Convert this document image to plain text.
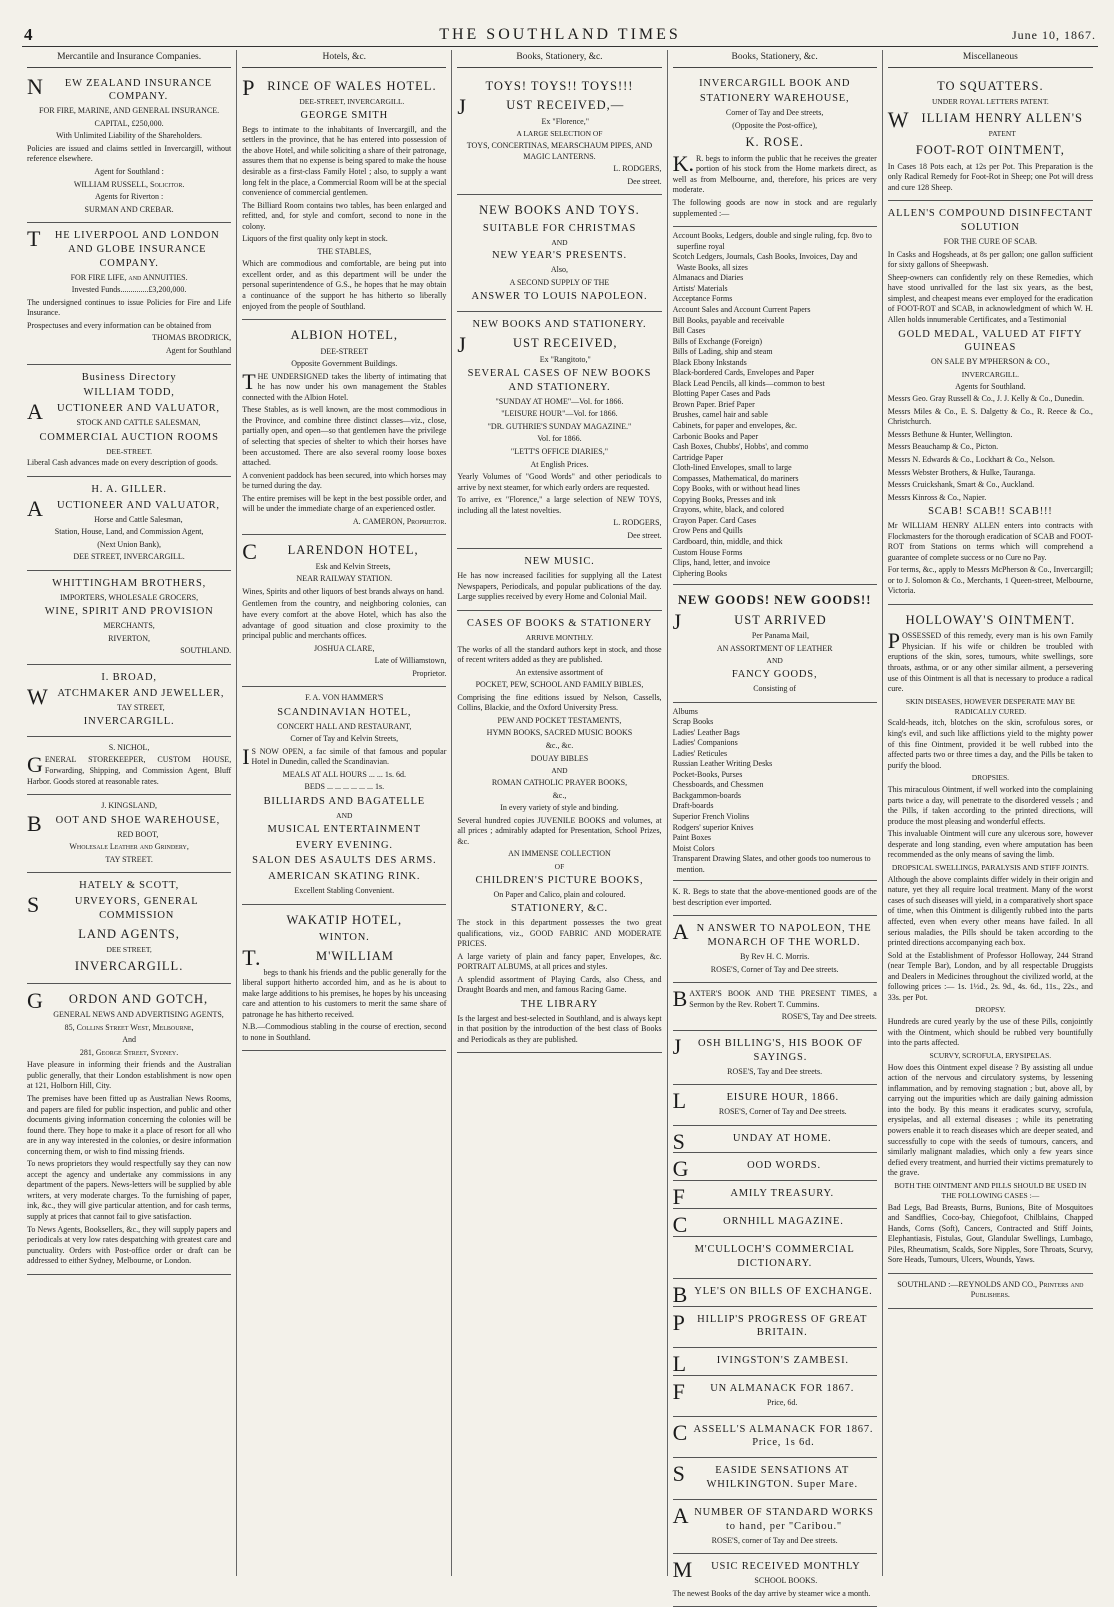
4	THE SOUTHLAND TIMES	June 10, 1867.
Mercantile and Insurance Companies.

NEW ZEALAND INSURANCE COMPANY.

FOR FIRE, MARINE, AND GENERAL INSURANCE.

CAPITAL, £250,000.

With Unlimited Liability of the Shareholders.

Policies are issued and claims settled in Invercargill, without reference elsewhere.

Agent for Southland :

WILLIAM RUSSELL, Solicitor.

Agents for Riverton :

SURMAN AND CREBAR.

THE LIVERPOOL AND LONDON AND GLOBE INSURANCE COMPANY.

FOR FIRE LIFE, and ANNUITIES.

Invested Funds..............£3,200,000.

The undersigned continues to issue Policies for Fire and Life Insurance.

Prospectuses and every information can be obtained from

THOMAS BRODRICK,

Agent for Southland

Business Directory

WILLIAM TODD,

AUCTIONEER AND VALUATOR,

STOCK AND CATTLE SALESMAN,

COMMERCIAL AUCTION ROOMS

DEE-STREET.

Liberal Cash advances made on every description of goods.

H. A. GILLER.

AUCTIONEER AND VALUATOR,

Horse and Cattle Salesman,

Station, House, Land, and Commission Agent,

(Next Union Bank),

DEE STREET, INVERCARGILL.

WHITTINGHAM BROTHERS,

IMPORTERS, WHOLESALE GROCERS,

WINE, SPIRIT AND PROVISION

MERCHANTS,

RIVERTON,

SOUTHLAND.

I. BROAD,

WATCHMAKER AND JEWELLER,

TAY STREET,

INVERCARGILL.

S. NICHOL,

GENERAL STOREKEEPER, CUSTOM HOUSE, Forwarding, Shipping, and Commission Agent, Bluff Harbor. Goods stored at reasonable rates.

J. KINGSLAND,

BOOT AND SHOE WAREHOUSE,

RED BOOT,

Wholesale Leather and Grindery,

TAY STREET.

HATELY & SCOTT,

SURVEYORS, GENERAL COMMISSION

LAND AGENTS,

DEE STREET,

INVERCARGILL.

GORDON AND GOTCH,

GENERAL NEWS AND ADVERTISING AGENTS,

85, Collins Street West, Melbourne,

And

281, George Street, Sydney.

Have pleasure in informing their friends and the Australian public generally, that their London establishment is now open at 121, Holborn Hill, City.

The premises have been fitted up as Australian News Rooms, and papers are filed for public inspection, and public and other documents giving information concerning the colonies will be found there. They hope to make it a place of resort for all who are in any way interested in the colonies, or desire information concerning them, or wish to find missing friends.

To news proprietors they would respectfully say they can now accept the agency and undertake any commissions in any department of the papers. News-letters will be supplied by able writers, at very moderate charges. To the furnishing of paper, ink, &c., they will give particular attention, and for cash terms, supply at prices that cannot fail to give satisfaction.

To News Agents, Booksellers, &c., they will supply papers and periodicals at very low rates despatching with greatest care and punctuality. Orders with Post-office order or draft can be addressed to either Sydney, Melbourne, or London.

Hotels, &c.

PRINCE OF WALES HOTEL.

DEE-STREET, INVERCARGILL.

GEORGE SMITH

Begs to intimate to the inhabitants of Invercargill, and the settlers in the province, that he has entered into possession of the above Hotel, and while soliciting a share of their patronage, assures them that no expense is being spared to make the house desirable as a first-class Family Hotel ; also, to supply a want long felt in the place, a Commercial Room will be at the special convenience of commercial gentlemen.

The Billiard Room contains two tables, has been enlarged and refitted, and, for style and comfort, second to none in the colony.

Liquors of the first quality only kept in stock.

THE STABLES,

Which are commodious and comfortable, are being put into excellent order, and as this department will be under the personal superintendence of G.S., he hopes that he may obtain a continuance of the support he has hitherto so liberally enjoyed from the people of Southland.

ALBION HOTEL,

DEE-STREET

Opposite Government Buildings.

THE UNDERSIGNED takes the liberty of intimating that he has now under his own management the Stables connected with the Albion Hotel.

These Stables, as is well known, are the most commodious in the Province, and combine three distinct classes—viz., close, partially open, and open—so that gentlemen have the privilege of selecting that species of shelter to which their horses have been accustomed. There are also several roomy loose boxes attached.

A convenient paddock has been secured, into which horses may be turned during the day.

The entire premises will be kept in the best possible order, and will be under the immediate charge of an experienced ostler.

A. CAMERON, Proprietor.

CLARENDON HOTEL,

Esk and Kelvin Streets,

NEAR RAILWAY STATION.

Wines, Spirits and other liquors of best brands always on hand.

Gentlemen from the country, and neighboring colonies, can have every comfort at the above Hotel, which has also the advantage of good situation and close proximity to the principal public and merchants offices.

JOSHUA CLARE,

Late of Williamstown,

Proprietor.

F. A. VON HAMMER'S

SCANDINAVIAN HOTEL,

CONCERT HALL AND RESTAURANT,

Corner of Tay and Kelvin Streets,

IS NOW OPEN, a fac simile of that famous and popular Hotel in Dunedin, called the Scandinavian.

MEALS AT ALL HOURS ... ... 1s. 6d.

BEDS ... ... ... ... ... ... 1s.

BILLIARDS AND BAGATELLE

AND

MUSICAL ENTERTAINMENT

EVERY EVENING.

SALON DES ASAULTS DES ARMS.

AMERICAN SKATING RINK.

Excellent Stabling Convenient.

WAKATIP HOTEL,

WINTON.

T.M'WILLIAM

begs to thank his friends and the public generally for the liberal support hitherto accorded him, and as he is about to make large additions to his premises, he hopes by his unceasing care and attention to his customers to merit the same share of patronage he has hitherto received.

N.B.—Commodious stabling in the course of erection, second to none in Southland.

Books, Stationery, &c.

TOYS! TOYS!! TOYS!!!

JUST RECEIVED,—

Ex "Florence,"

A LARGE SELECTION OF

TOYS, CONCERTINAS, MEARSCHAUM PIPES, AND MAGIC LANTERNS.

L. RODGERS,

Dee street.

NEW BOOKS AND TOYS.

SUITABLE FOR CHRISTMAS

AND

NEW YEAR'S PRESENTS.

Also,

A SECOND SUPPLY OF THE

ANSWER TO LOUIS NAPOLEON.

NEW BOOKS AND STATIONERY.

JUST RECEIVED,

Ex "Rangitoto,"

SEVERAL CASES OF NEW BOOKS AND STATIONERY.

"SUNDAY AT HOME"—Vol. for 1866.

"LEISURE HOUR"—Vol. for 1866.

"DR. GUTHRIE'S SUNDAY MAGAZINE."

Vol. for 1866.

"LETT'S OFFICE DIARIES,"

At English Prices.

Yearly Volumes of "Good Words" and other periodicals to arrive by next steamer, for which early orders are requested.

To arrive, ex "Florence," a large selection of NEW TOYS, including all the latest novelties.

L. RODGERS,

Dee street.

NEW MUSIC.

He has now increased facilities for supplying all the Latest Newspapers, Periodicals, and popular publications of the day. Large supplies received by every Home and Colonial Mail.

CASES OF BOOKS & STATIONERY

ARRIVE MONTHLY.

The works of all the standard authors kept in stock, and those of recent writers added as they are published.

An extensive assortment of

POCKET, PEW, SCHOOL AND FAMILY BIBLES,

Comprising the fine editions issued by Nelson, Cassells, Collins, Blackie, and the Oxford University Press.

PEW AND POCKET TESTAMENTS,

HYMN BOOKS, SACRED MUSIC BOOKS

&c., &c.

DOUAY BIBLES

AND

ROMAN CATHOLIC PRAYER BOOKS,

&c.,

In every variety of style and binding.

Several hundred copies JUVENILE BOOKS and volumes, at all prices ; admirably adapted for Presentation, School Prizes, &c.

AN IMMENSE COLLECTION

OF

CHILDREN'S PICTURE BOOKS,

On Paper and Calico, plain and coloured.

STATIONERY, &C.

The stock in this department possesses the two great qualifications, viz., GOOD FABRIC AND MODERATE PRICES.

A large variety of plain and fancy paper, Envelopes, &c. PORTRAIT ALBUMS, at all prices and styles.

A splendid assortment of Playing Cards, also Chess, and Draught Boards and men, and famous Racing Game.

THE LIBRARY

Is the largest and best-selected in Southland, and is always kept in that position by the introduction of the best class of Books and Periodicals as they are published.

Books, Stationery, &c.

INVERCARGILL BOOK AND

STATIONERY WAREHOUSE,

Corner of Tay and Dee streets,

(Opposite the Post-office),

K. ROSE.

K.R. begs to inform the public that he receives the greater portion of his stock from the Home markets direct, as well as from Melbourne, and, therefore, his prices are very moderate.

The following goods are now in stock and are regularly supplemented :—

Account Books, Ledgers, double and single ruling, fcp. 8vo to superfine royal
Scotch Ledgers, Journals, Cash Books, Invoices, Day and Waste Books, all sizes
Almanacs and Diaries
Artists' Materials
Acceptance Forms
Account Sales and Account Current Papers
Bill Books, payable and receivable
Bill Cases
Bills of Exchange (Foreign)
Bills of Lading, ship and steam
Black Ebony Inkstands
Black-bordered Cards, Envelopes and Paper
Black Lead Pencils, all kinds—common to best
Blotting Paper Cases and Pads
Brown Paper. Brief Paper
Brushes, camel hair and sable
Cabinets, for paper and envelopes, &c.
Carbonic Books and Paper
Cash Boxes, Chubbs', Hobbs', and commo
Cartridge Paper
Cloth-lined Envelopes, small to large
Compasses, Mathematical, do mariners
Copy Books, with or without head lines
Copying Books, Presses and ink
Crayons, white, black, and colored
Crayon Paper. Card Cases
Crow Pens and Quills
Cardboard, thin, middle, and thick
Custom House Forms
Clips, hand, letter, and invoice
Ciphering Books

NEW GOODS! NEW GOODS!!

JUST ARRIVED

Per Panama Mail,

AN ASSORTMENT OF LEATHER

AND

FANCY GOODS,

Consisting of

Albums
Scrap Books
Ladies' Leather Bags
Ladies' Companions
Ladies' Reticules
Russian Leather Writing Desks
Pocket-Books, Purses
Chessboards, and Chessmen
Backgammon-boards
Draft-boards
Superior French Violins
Rodgers' superior Knives
Paint Boxes
Moist Colors
Transparent Drawing Slates, and other goods too numerous to mention.

K. R. Begs to state that the above-mentioned goods are of the best description ever imported.

AN ANSWER TO NAPOLEON, THE MONARCH OF THE WORLD.

By Rev H. C. Morris.

ROSE'S, Corner of Tay and Dee streets.

BAXTER'S BOOK AND THE PRESENT TIMES, a Sermon by the Rev. Robert T. Cummins.

ROSE'S, Tay and Dee streets.

JOSH BILLING'S, HIS BOOK OF SAYINGS.

ROSE'S, Tay and Dee streets.

LEISURE HOUR, 1866.

ROSE'S, Corner of Tay and Dee streets.

SUNDAY AT HOME.

GOOD WORDS.

FAMILY TREASURY.

CORNHILL MAGAZINE.

M'CULLOCH'S COMMERCIAL DICTIONARY.

BYLE'S ON BILLS OF EXCHANGE.

PHILLIP'S PROGRESS OF GREAT BRITAIN.

LIVINGSTON'S ZAMBESI.

FUN ALMANACK FOR 1867.

Price, 6d.

CASSELL'S ALMANACK FOR 1867. Price, 1s 6d.

SEASIDE SENSATIONS AT WHILKINGTON. Super Mare.

ANUMBER OF STANDARD WORKS to hand, per "Caribou."

ROSE'S, corner of Tay and Dee streets.

MUSIC RECEIVED MONTHLY

SCHOOL BOOKS.

The newest Books of the day arrive by steamer wice a month.

Miscellaneous

TO SQUATTERS.

UNDER ROYAL LETTERS PATENT.

WILLIAM HENRY ALLEN'S

PATENT

FOOT-ROT OINTMENT,

In Cases 18 Pots each, at 12s per Pot. This Preparation is the only Radical Remedy for Foot-Rot in Sheep; one Pot will dress and cure 128 Sheep.

ALLEN'S COMPOUND DISINFECTANT SOLUTION

FOR THE CURE OF SCAB.

In Casks and Hogsheads, at 8s per gallon; one gallon sufficient for sixty gallons of Sheepwash.

Sheep-owners can confidently rely on these Remedies, which have stood unrivalled for the last six years, as the best, simplest, and cheapest means ever employed for the eradication of FOOT-ROT and SCAB, in acknowledgment of which W. H. Allen holds innumerable Certificates, and a Testimonial

GOLD MEDAL, VALUED AT FIFTY GUINEAS

ON SALE BY M'PHERSON & CO.,

INVERCARGILL.

Agents for Southland.

Messrs Geo. Gray Russell & Co., J. J. Kelly & Co., Dunedin.

Messrs Miles & Co., E. S. Dalgetty & Co., R. Reece & Co., Christchurch.

Messrs Bethune & Hunter, Wellington.

Messrs Beauchamp & Co., Picton.

Messrs N. Edwards & Co., Lockhart & Co., Nelson.

Messrs Webster Brothers, & Hulke, Tauranga.

Messrs Cruickshank, Smart & Co., Auckland.

Messrs Kinross & Co., Napier.

SCAB! SCAB!! SCAB!!!

Mr WILLIAM HENRY ALLEN enters into contracts with Flockmasters for the thorough eradication of SCAB and FOOT-ROT from Stations on terms which will comprehend a guarantee of complete success or no Cure no Pay.

For terms, &c., apply to Messrs McPherson & Co., Invercargill; or to J. Solomon & Co., Merchants, 1 Queen-street, Melbourne, Victoria.

HOLLOWAY'S OINTMENT.

POSSESSED of this remedy, every man is his own Family Physician. If his wife or children be troubled with eruptions of the skin, sores, tumours, white swellings, sore throats, asthma, or or any other similar ailment, a persevering use of this Ointment is all that is necessary to produce a radical cure.

SKIN DISEASES, HOWEVER DESPERATE MAY BE RADICALLY CURED.

Scald-heads, itch, blotches on the skin, scrofulous sores, or king's evil, and such like afflictions yield to the mighty power of this fine Ointment, provided it be well rubbed into the affected parts two or three times a day, and the Pills be taken to purify the blood.

DROPSIES.

This miraculous Ointment, if well worked into the complaining parts twice a day, will penetrate to the disordered vessels ; and the Pills, if taken according to the printed directions, will produce the most pleasing and wonderful effects.

This invaluable Ointment will cure any ulcerous sore, however desperate and long standing, even where amputation has been recommended as the only means of saving the limb.

DROPSICAL SWELLINGS, PARALYSIS AND STIFF JOINTS.

Although the above complaints differ widely in their origin and nature, yet they all require local treatment. Many of the worst cases of such diseases will yield, in a comparatively short space of time, when this Ointment is diligently rubbed into the parts affected, even when every other means have failed. In all serious maladies, the Pills should be taken according to the printed directions accompanying each box.

Sold at the Establishment of Professor Holloway, 244 Strand (near Temple Bar), London, and by all respectable Druggists and Dealers in Medicines throughout the civilized world, at the following prices :— 1s. 1½d., 2s. 9d., 4s. 6d., 11s., 22s., and 33s. per Pot.

DROPSY.

Hundreds are cured yearly by the use of these Pills, conjointly with the Ointment, which should be rubbed very bountifully into the parts affected.

SCURVY, SCROFULA, ERYSIPELAS.

How does this Ointment expel disease ? By assisting all undue action of the nervous and circulatory systems, by lessening inflammation, and by removing stagnation ; but, above all, by carrying out the impurities which are daily gaining admission into the body. By this means it eradicates scurvy, scrofula, erysipelas, and all external diseases ; while its penetrating powers enable it to reach diseases which are deeper seated, and successfully to cope with the seeds of tumours, cancers, and similarly malignant maladies, which only a few years since defied every treatment, and hurried their victims prematurely to the grave.

BOTH THE OINTMENT AND PILLS SHOULD BE USED IN THE FOLLOWING CASES :—

Bad Legs, Bad Breasts, Burns, Bunions, Bite of Mosquitoes and Sandflies, Coco-bay, Chiegofoot, Chilblains, Chapped Hands, Corns (Soft), Cancers, Contracted and Stiff Joints, Elephantiasis, Fistulas, Gout, Glandular Swellings, Lumbago, Piles, Rheumatism, Scalds, Sore Nipples, Sore Throats, Scurvy, Sore Heads, Tumours, Ulcers, Wounds, Yaws.

SOUTHLAND :—REYNOLDS AND CO., Printers and Publishers.
